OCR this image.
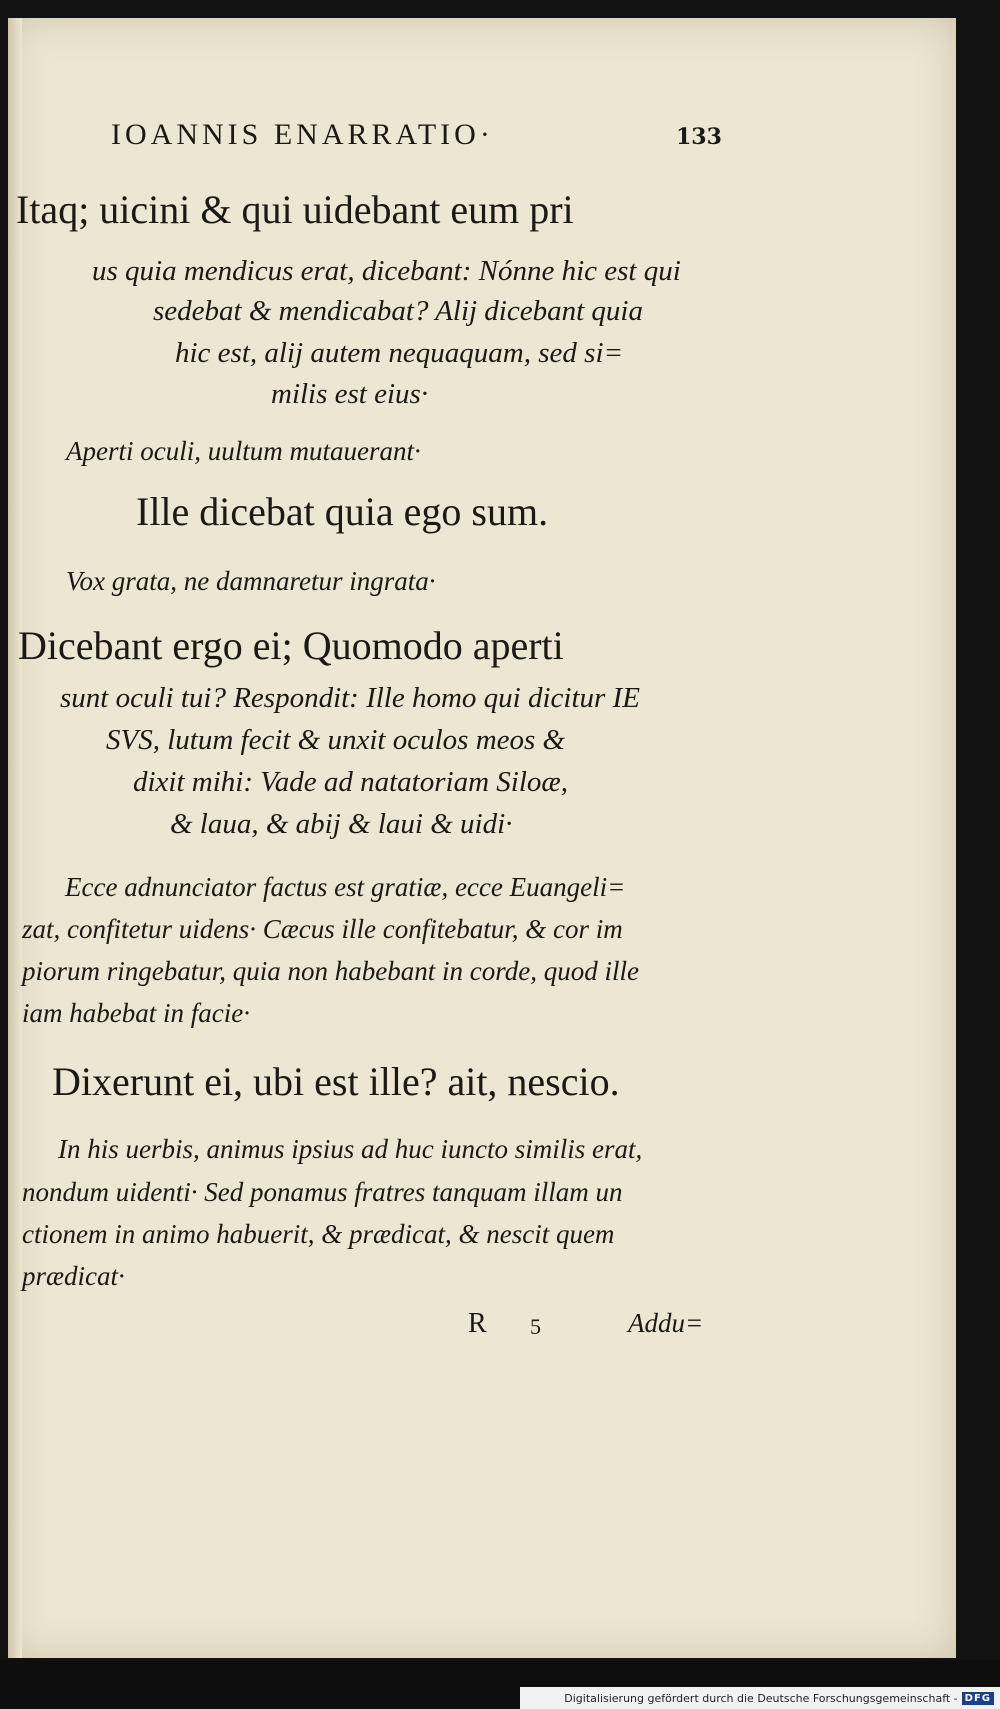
IOANNIS ENARRATIO·	133
Itaq; uicini & qui uidebant eum pri
us quia mendicus erat, dicebant: Nónne hic est qui
sedebat & mendicabat? Alij dicebant quia
hic est, alij autem nequaquam, sed si=
milis est eius·
Aperti oculi, uultum mutauerant·
Ille dicebat quia ego sum.
Vox grata, ne damnaretur ingrata·
Dicebant ergo ei; Quomodo aperti
sunt oculi tui? Respondit: Ille homo qui dicitur IE
SVS, lutum fecit & unxit oculos meos &
dixit mihi: Vade ad natatoriam Siloæ,
& laua, & abij & laui & uidi·
Ecce adnunciator factus est gratiæ, ecce Euangeli=
zat, confitetur uidens· Cæcus ille confitebatur, & cor im
piorum ringebatur, quia non habebant in corde, quod ille
iam habebat in facie·
Dixerunt ei, ubi est ille? ait, nescio.
In his uerbis, animus ipsius ad huc iuncto similis erat,
nondum uidenti· Sed ponamus fratres tanquam illam un
ctionem in animo habuerit, & prædicat, & nescit quem
prædicat·
R 5	Addu=
Digitalisierung gefördert durch die Deutsche Forschungsgemeinschaft - DFG
